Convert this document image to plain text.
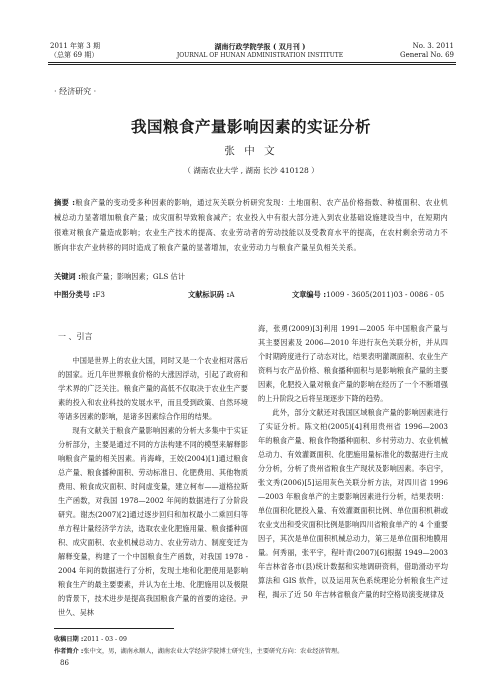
2011 年第 3 期
（总第 69 期）
湖南行政学院学报 ( 双月刊 )
JOURNAL OF HUNAN ADMINISTRATION INSTITUTE
No. 3. 2011
General No. 69
· 经济研究 ·
我国粮食产量影响因素的实证分析
张 中 文
（ 湖南农业大学 , 湖南 长沙 410128 ）
摘要 :粮食产量的变动受多种因素的影响，通过灰关联分析研究发现：土地面积、农产品价格指数、种植面积、农业机械总动力显著增加粮食产量；成灾面积导致粮食减产；农业投入中有很大部分进入到农业基础设施建设当中，在短期内很难对粮食产量造成影响；农业生产技术的提高、农业劳动者的劳动技能以及受教育水平的提高，在农村剩余劳动力不断向非农产业转移的同时造成了粮食产量的显著增加，农业劳动力与粮食产量呈负相关关系。
关键词 :粮食产量；影响因素；GLS 估计
中图分类号 :F3	文献标识码 :A	文章编号 :1009 - 3605(2011)03 - 0086 - 05

一 、引言

中国是世界上的农业大国，同时又是一个农业相对落后的国家。近几年世界粮食价格的大涨因浮动，引起了政府和学术界的广泛关注。粮食产量的高低不仅取决于农业生产要素的投入和农业科技的发展水平，而且受到政策、自然环境等诸多因素的影响，是诸多因素综合作用的结果。

现有文献关于粮食产量影响因素的分析大多集中于实证分析部分，主要是通过不同的方法构建不同的模型来解释影响粮食产量的相关因素。肖海峰，王姣(2004)[1]通过粮食总产量、粮食播种面积、劳动标准日、化肥费用、其他物质费用、粮食成灾面积、时间虚变量，建立柯布——道格拉斯生产函数，对我国 1978—2002 年间的数据进行了分阶段研究。谢杰(2007)[2]通过逐步回归和加权最小二乘回归等单方程计量经济学方法，选取农业化肥施用量、粮食播种面积、成灾面积、农业机械总动力、农业劳动力、制度变迁为解释变量，构建了一个中国粮食生产函数，对我国 1978 - 2004 年间的数据进行了分析，发现土地和化肥使用是影响粮食生产的最主要要素，并认为在土地、化肥施用以及极限的背景下，技术进步是提高我国粮食产量的首要的途径。尹世久、吴林

海，张勇(2009)[3]利用 1991—2005 年中国粮食产量与其主要因素及 2006—2010 年进行灰色关联分析，并从四个时期跨度进行了动态对比，结果表明灌溉面积、农业生产资料与农产品价格、粮食播种面积与是影响粮食产量的主要因素，化肥投入量对粮食产量的影响在经历了一个不断增强的上升阶段之后将呈现逐步下降的趋势。

此外，部分文献还对我国区域粮食产量的影响因素进行了实证分析。陈文柏(2005)[4]利用贵州省 1996—2003 年的粮食产量、粮食作物播种面积、乡村劳动力、农业机械总动力、有效灌溉面积、化肥施用量标准化的数据进行主成分分析，分析了贵州省粮食生产现状及影响因素。李启宇，张文秀(2006)[5]运用灰色关联分析方法，对四川省 1996—2003 年粮食单产的主要影响因素进行分析，结果表明：单位面积化肥投入量、有效灌溉面积比例、单位面积机耕或农业支出和受灾面积比例是影响四川省粮食单产的 4 个重要因子，其次是单位面积机械总动力，第三是单位面积地膜用量。何秀丽，张平宇，程叶青(2007)[6]根据 1949—2003 年吉林省各市(县)统计数据和实地调研资料，借助滑动平均算法和 GIS 软件，以及运用灰色系统理论分析粮食生产过程，揭示了近 50 年吉林省粮食产量的时空格局演变规律及

收稿日期 :2011 - 03 - 09
作者简介 :张中文，男，湖南永顺人，湖南农业大学经济学院博士研究生，主要研究方向：农业经济管理。
86
